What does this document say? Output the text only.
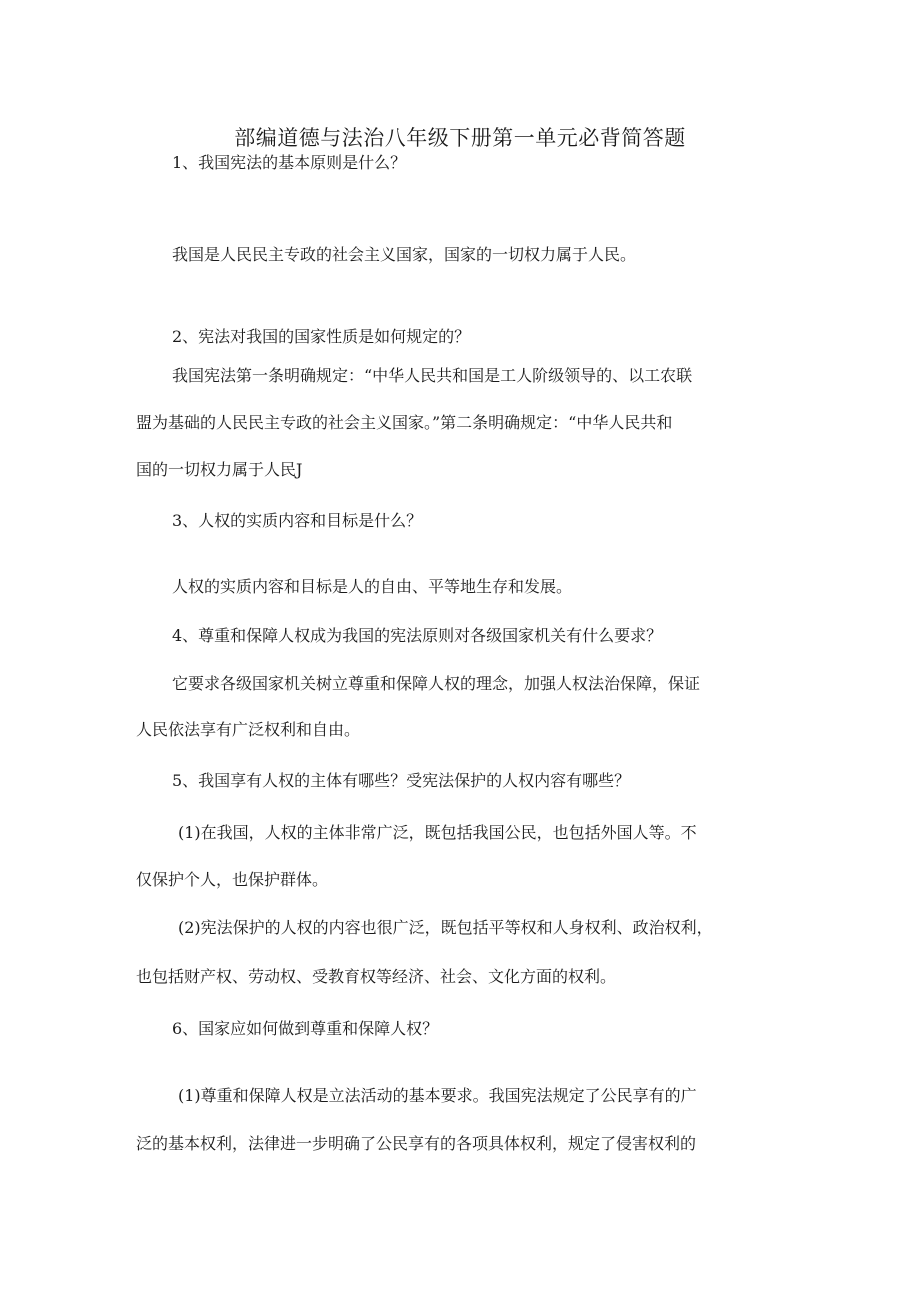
部编道德与法治八年级下册第一单元必背简答题

1、我国宪法的基本原则是什么？

我国是人民民主专政的社会主义国家，国家的一切权力属于人民。

2、宪法对我国的国家性质是如何规定的？

我国宪法第一条明确规定：“中华人民共和国是工人阶级领导的、以工农联

盟为基础的人民民主专政的社会主义国家。”第二条明确规定：“中华人民共和

国的一切权力属于人民J

3、人权的实质内容和目标是什么？

人权的实质内容和目标是人的自由、平等地生存和发展。

4、尊重和保障人权成为我国的宪法原则对各级国家机关有什么要求？

它要求各级国家机关树立尊重和保障人权的理念，加强人权法治保障，保证

人民依法享有广泛权利和自由。

5、我国享有人权的主体有哪些？受宪法保护的人权内容有哪些？

(1)在我国，人权的主体非常广泛，既包括我国公民，也包括外国人等。不

仅保护个人，也保护群体。

(2)宪法保护的人权的内容也很广泛，既包括平等权和人身权利、政治权利，

也包括财产权、劳动权、受教育权等经济、社会、文化方面的权利。

6、国家应如何做到尊重和保障人权？

(1)尊重和保障人权是立法活动的基本要求。我国宪法规定了公民享有的广

泛的基本权利，法律进一步明确了公民享有的各项具体权利，规定了侵害权利的
